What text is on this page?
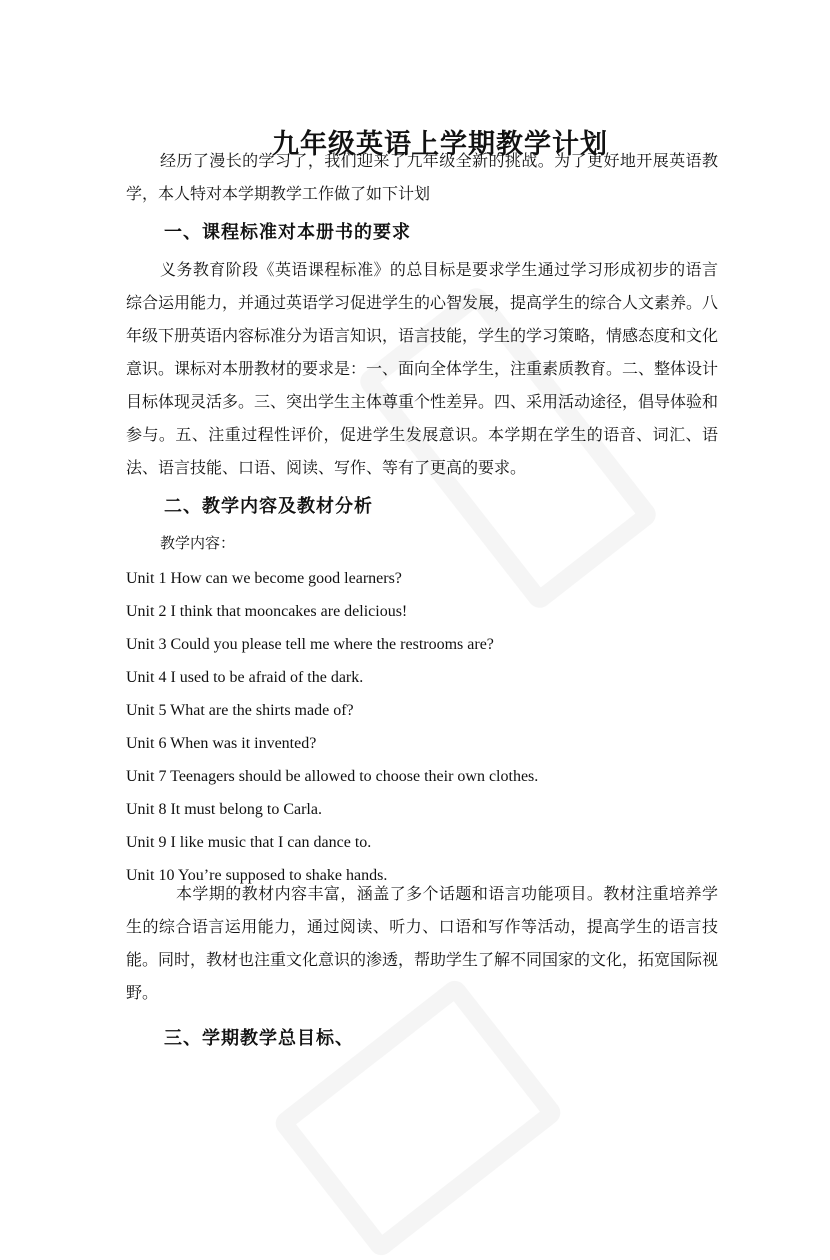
九年级英语上学期教学计划

经历了漫长的学习了，我们迎来了九年级全新的挑战。为了更好地开展英语教学，本人特对本学期教学工作做了如下计划

一、课程标准对本册书的要求

义务教育阶段《英语课程标准》的总目标是要求学生通过学习形成初步的语言综合运用能力，并通过英语学习促进学生的心智发展，提高学生的综合人文素养。八年级下册英语内容标准分为语言知识，语言技能，学生的学习策略，情感态度和文化意识。课标对本册教材的要求是：一、面向全体学生，注重素质教育。二、整体设计目标体现灵活多。三、突出学生主体尊重个性差异。四、采用活动途径，倡导体验和参与。五、注重过程性评价，促进学生发展意识。本学期在学生的语音、词汇、语法、语言技能、口语、阅读、写作、等有了更高的要求。

二、教学内容及教材分析

教学内容：

Unit 1 How can we become good learners?
Unit 2 I think that mooncakes are delicious!
Unit 3 Could you please tell me where the restrooms are?
Unit 4 I used to be afraid of the dark.
Unit 5 What are the shirts made of?
Unit 6 When was it invented?
Unit 7 Teenagers should be allowed to choose their own clothes.
Unit 8 It must belong to Carla.
Unit 9 I like music that I can dance to.
Unit 10 You’re supposed to shake hands.

本学期的教材内容丰富，涵盖了多个话题和语言功能项目。教材注重培养学生的综合语言运用能力，通过阅读、听力、口语和写作等活动，提高学生的语言技能。同时，教材也注重文化意识的渗透，帮助学生了解不同国家的文化，拓宽国际视野。

三、学期教学总目标、
